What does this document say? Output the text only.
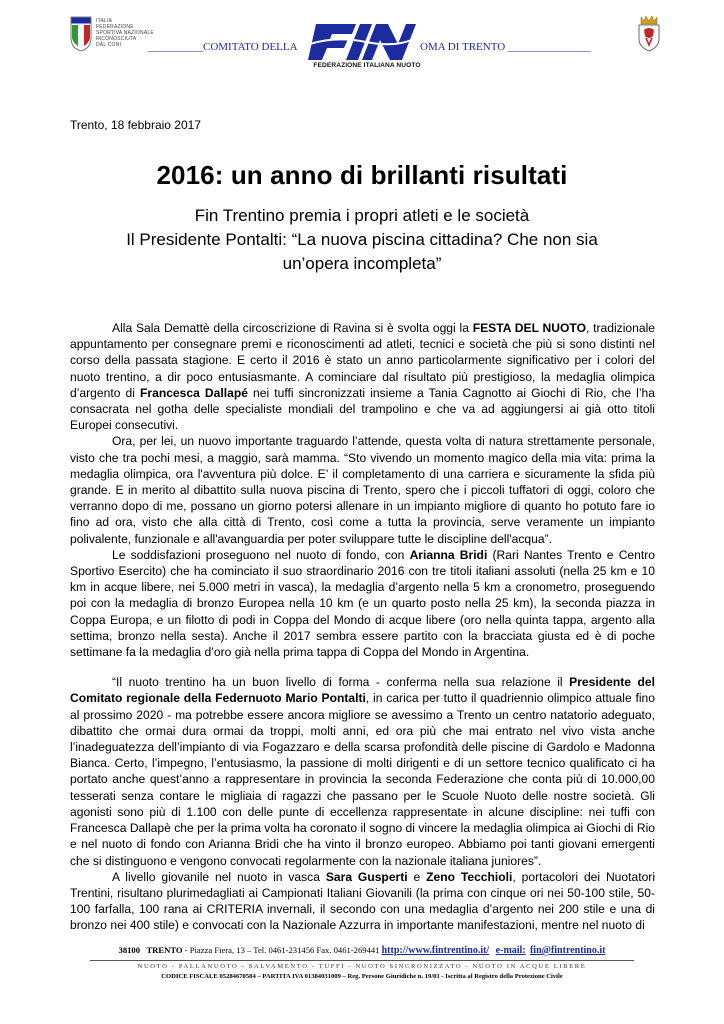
ITALIA
FEDERAZIONE
SPORTIVA NAZIONALE
RICONOSCIUTA
DAL CONI	__________COMITATO DELLA
FEDERAZIONE ITALIANA NUOTO
OMA DI TRENTO _______________
Trento, 18 febbraio 2017
2016: un anno di brillanti risultati
Fin Trentino premia i propri atleti e le società
Il Presidente Pontalti: “La nuova piscina cittadina? Che non sia
un’opera incompleta”

Alla Sala Demattè della circoscrizione di Ravina si è svolta oggi la FESTA DEL NUOTO, tradizionale appuntamento per consegnare premi e riconoscimenti ad atleti, tecnici e società che più si sono distinti nel corso della passata stagione. E certo il 2016 è stato un anno particolarmente significativo per i colori del nuoto trentino, a dir poco entusiasmante. A cominciare dal risultato più prestigioso, la medaglia olimpica d’argento di Francesca Dallapé nei tuffi sincronizzati insieme a Tania Cagnotto ai Giochi di Rio, che l’ha consacrata nel gotha delle specialiste mondiali del trampolino e che va ad aggiungersi ai già otto titoli Europei consecutivi.

Ora, per lei, un nuovo importante traguardo l’attende, questa volta di natura strettamente personale, visto che tra pochi mesi, a maggio, sarà mamma. “Sto vivendo un momento magico della mia vita: prima la medaglia olimpica, ora l'avventura più dolce. E’ il completamento di una carriera e sicuramente la sfida più grande. E in merito al dibattito sulla nuova piscina di Trento, spero che i piccoli tuffatori di oggi, coloro che verranno dopo di me, possano un giorno potersi allenare in un impianto migliore di quanto ho potuto fare io fino ad ora, visto che alla città di Trento, così come a tutta la provincia, serve veramente un impianto polivalente, funzionale e all'avanguardia per poter sviluppare tutte le discipline dell'acqua”.

Le soddisfazioni proseguono nel nuoto di fondo, con Arianna Bridi (Rari Nantes Trento e Centro Sportivo Esercito) che ha cominciato il suo straordinario 2016 con tre titoli italiani assoluti (nella 25 km e 10 km in acque libere, nei 5.000 metri in vasca), la medaglia d’argento nella 5 km a cronometro, proseguendo poi con la medaglia di bronzo Europea nella 10 km (e un quarto posto nella 25 km), la seconda piazza in Coppa Europa, e un filotto di podi in Coppa del Mondo di acque libere (oro nella quinta tappa, argento alla settima, bronzo nella sesta). Anche il 2017 sembra essere partito con la bracciata giusta ed è di poche settimane fa la medaglia d’oro già nella prima tappa di Coppa del Mondo in Argentina.

“Il nuoto trentino ha un buon livello di forma - conferma nella sua relazione il Presidente del Comitato regionale della Federnuoto Mario Pontalti, in carica per tutto il quadriennio olimpico attuale fino al prossimo 2020 - ma potrebbe essere ancora migliore se avessimo a Trento un centro natatorio adeguato, dibattito che ormai dura ormai da troppi, molti anni, ed ora più che mai entrato nel vivo vista anche l’inadeguatezza dell’impianto di via Fogazzaro e della scarsa profondità delle piscine di Gardolo e Madonna Bianca. Certo, l’impegno, l’entusiasmo, la passione di molti dirigenti e di un settore tecnico qualificato ci ha portato anche quest’anno a rappresentare in provincia la seconda Federazione che conta più di 10.000,00 tesserati senza contare le migliaia di ragazzi che passano per le Scuole Nuoto delle nostre società. Gli agonisti sono più di 1.100 con delle punte di eccellenza rappresentate in alcune discipline: nei tuffi con Francesca Dallapè che per la prima volta ha coronato il sogno di vincere la medaglia olimpica ai Giochi di Rio e nel nuoto di fondo con Arianna Bridi che ha vinto il bronzo europeo. Abbiamo poi tanti giovani emergenti che si distinguono e vengono convocati regolarmente con la nazionale italiana juniores”.

A livello giovanile nel nuoto in vasca Sara Gusperti e Zeno Tecchioli, portacolori dei Nuotatori Trentini, risultano plurimedagliati ai Campionati Italiani Giovanili (la prima con cinque ori nei 50-100 stile, 50-100 farfalla, 100 rana ai CRITERIA invernali, il secondo con una medaglia d’argento nei 200 stile e una di bronzo nei 400 stile) e convocati con la Nazionale Azzurra in importante manifestazioni, mentre nel nuoto di

38100 TRENTO - Piazza Fiera, 13 – Tel. 0461-231456 Fax. 0461-269441 http://www.fintrentino.it/ e-mail: fin@fintrentino.it
NUOTO - PALLANUOTO - SALVAMENTO - TUFFI - NUOTO SINCRONIZZATO - NUOTO IN ACQUE LIBERE
CODICE FISCALE 05284670584 – PARTITA IVA 01384031009 – Reg. Persone Giuridiche n. 19/01 - Iscritta al Registro della Protezione Civile
